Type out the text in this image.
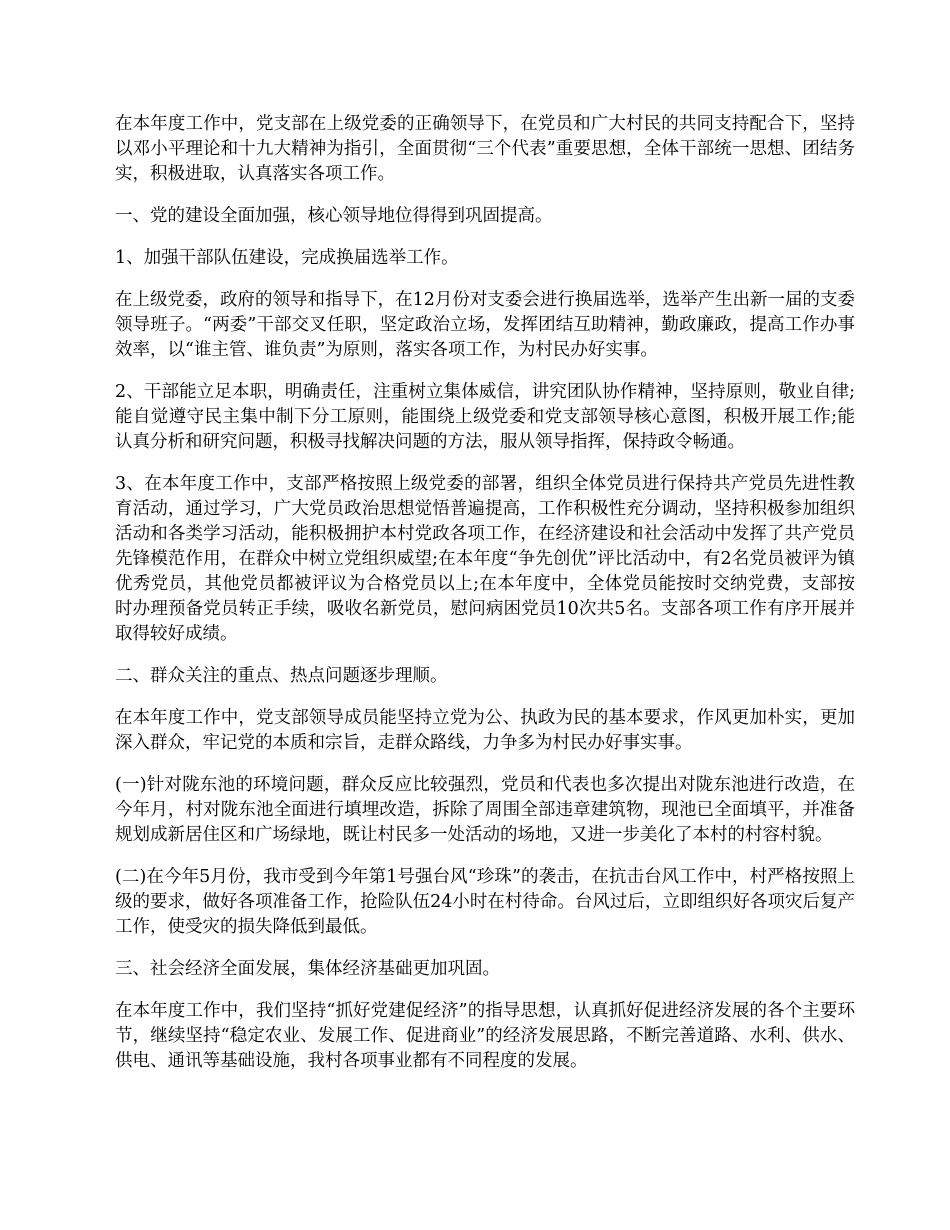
在本年度工作中，党支部在上级党委的正确领导下，在党员和广大村民的共同支持配合下，坚持以邓小平理论和十九大精神为指引，全面贯彻“三个代表”重要思想，全体干部统一思想、团结务实，积极进取，认真落实各项工作。

一、党的建设全面加强，核心领导地位得得到巩固提高。

1、加强干部队伍建设，完成换届选举工作。

在上级党委，政府的领导和指导下，在12月份对支委会进行换届选举，选举产生出新一届的支委领导班子。“两委”干部交叉任职，坚定政治立场，发挥团结互助精神，勤政廉政，提高工作办事效率，以“谁主管、谁负责”为原则，落实各项工作，为村民办好实事。

2、干部能立足本职，明确责任，注重树立集体威信，讲究团队协作精神，坚持原则，敬业自律;能自觉遵守民主集中制下分工原则，能围绕上级党委和党支部领导核心意图，积极开展工作;能认真分析和研究问题，积极寻找解决问题的方法，服从领导指挥，保持政令畅通。

3、在本年度工作中，支部严格按照上级党委的部署，组织全体党员进行保持共产党员先进性教育活动，通过学习，广大党员政治思想觉悟普遍提高，工作积极性充分调动，坚持积极参加组织活动和各类学习活动，能积极拥护本村党政各项工作，在经济建设和社会活动中发挥了共产党员先锋模范作用，在群众中树立党组织威望;在本年度“争先创优”评比活动中，有2名党员被评为镇优秀党员，其他党员都被评议为合格党员以上;在本年度中，全体党员能按时交纳党费，支部按时办理预备党员转正手续，吸收名新党员，慰问病困党员10次共5名。支部各项工作有序开展并取得较好成绩。

二、群众关注的重点、热点问题逐步理顺。

在本年度工作中，党支部领导成员能坚持立党为公、执政为民的基本要求，作风更加朴实，更加深入群众，牢记党的本质和宗旨，走群众路线，力争多为村民办好事实事。

(一)针对陇东池的环境问题，群众反应比较强烈，党员和代表也多次提出对陇东池进行改造，在今年月，村对陇东池全面进行填埋改造，拆除了周围全部违章建筑物，现池已全面填平，并准备规划成新居住区和广场绿地，既让村民多一处活动的场地，又进一步美化了本村的村容村貌。

(二)在今年5月份，我市受到今年第1号强台风“珍珠”的袭击，在抗击台风工作中，村严格按照上级的要求，做好各项准备工作，抢险队伍24小时在村待命。台风过后，立即组织好各项灾后复产工作，使受灾的损失降低到最低。

三、社会经济全面发展，集体经济基础更加巩固。

在本年度工作中，我们坚持“抓好党建促经济”的指导思想，认真抓好促进经济发展的各个主要环节，继续坚持“稳定农业、发展工作、促进商业”的经济发展思路，不断完善道路、水利、供水、供电、通讯等基础设施，我村各项事业都有不同程度的发展。
